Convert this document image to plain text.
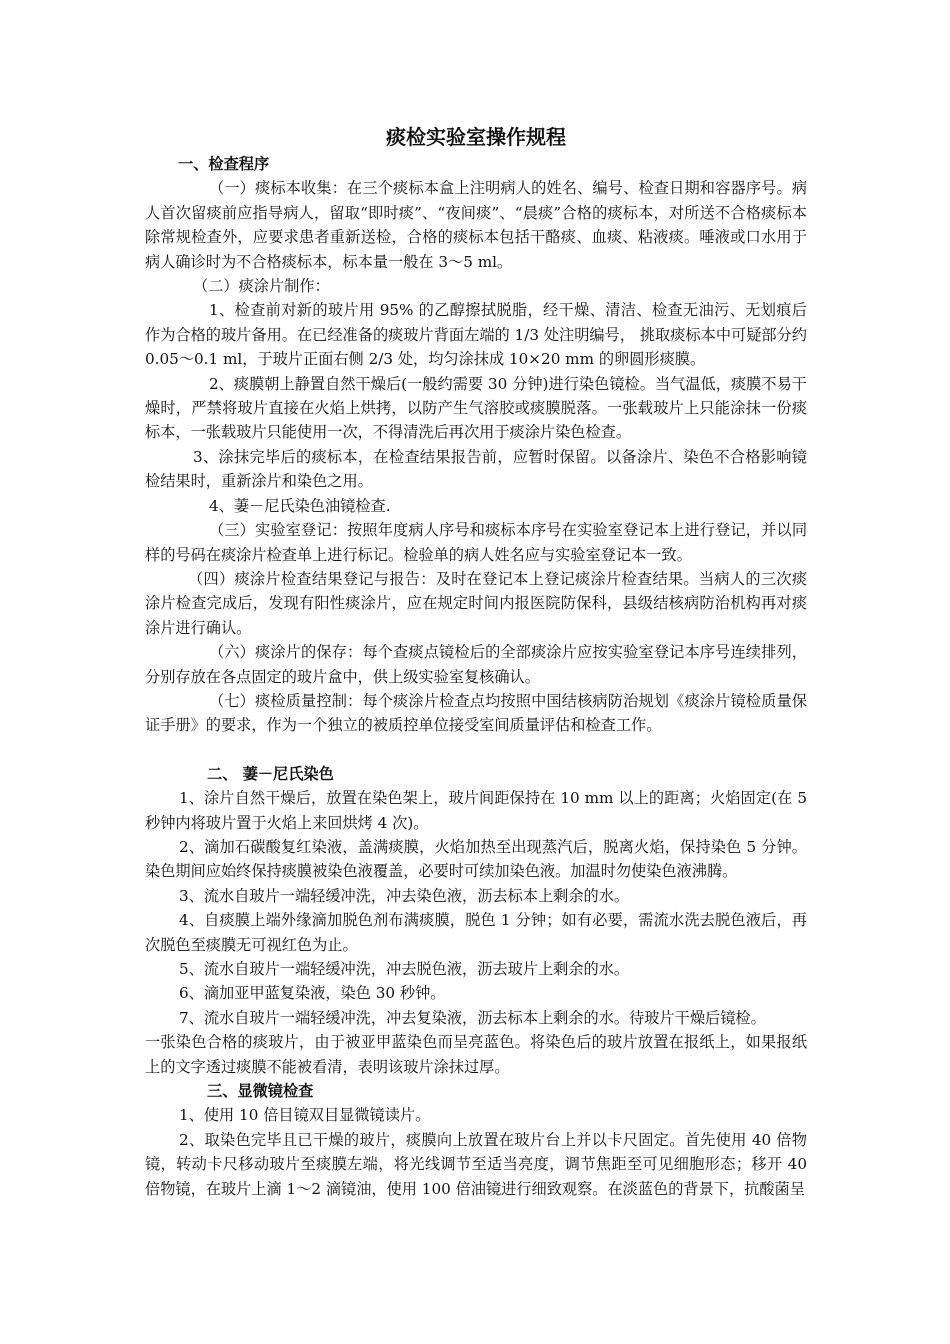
痰检实验室操作规程

一、检查程序

（一）痰标本收集：在三个痰标本盒上注明病人的姓名、编号、检查日期和容器序号。病人首次留痰前应指导病人，留取“即时痰”、“夜间痰”、“晨痰”合格的痰标本，对所送不合格痰标本除常规检查外，应要求患者重新送检，合格的痰标本包括干酪痰、血痰、粘液痰。唾液或口水用于病人确诊时为不合格痰标本，标本量一般在 3～5 ml。

（二）痰涂片制作：

1、检查前对新的玻片用 95% 的乙醇擦拭脱脂，经干燥、清洁、检查无油污、无划痕后作为合格的玻片备用。在已经准备的痰玻片背面左端的 1/3 处注明编号， 挑取痰标本中可疑部分约 0.05～0.1 ml，于玻片正面右侧 2/3 处，均匀涂抹成 10×20 mm 的卵圆形痰膜。

2、痰膜朝上静置自然干燥后(一般约需要 30 分钟)进行染色镜检。当气温低，痰膜不易干燥时，严禁将玻片直接在火焰上烘拷，以防产生气溶胶或痰膜脱落。一张载玻片上只能涂抹一份痰标本，一张载玻片只能使用一次，不得清洗后再次用于痰涂片染色检查。

3、涂抹完毕后的痰标本，在检查结果报告前，应暂时保留。以备涂片、染色不合格影响镜检结果时，重新涂片和染色之用。

4、萋－尼氏染色油镜检查.

（三）实验室登记：按照年度病人序号和痰标本序号在实验室登记本上进行登记，并以同样的号码在痰涂片检查单上进行标记。检验单的病人姓名应与实验室登记本一致。

（四）痰涂片检查结果登记与报告：及时在登记本上登记痰涂片检查结果。当病人的三次痰涂片检查完成后，发现有阳性痰涂片，应在规定时间内报医院防保科，县级结核病防治机构再对痰涂片进行确认。

（六）痰涂片的保存：每个查痰点镜检后的全部痰涂片应按实验室登记本序号连续排列，分别存放在各点固定的玻片盒中，供上级实验室复核确认。

（七）痰检质量控制：每个痰涂片检查点均按照中国结核病防治规划《痰涂片镜检质量保证手册》的要求，作为一个独立的被质控单位接受室间质量评估和检查工作。

二、 萋－尼氏染色

1、涂片自然干燥后，放置在染色架上，玻片间距保持在 10 mm 以上的距离；火焰固定(在 5 秒钟内将玻片置于火焰上来回烘烤 4 次)。

2、滴加石碳酸复红染液，盖满痰膜，火焰加热至出现蒸汽后，脱离火焰，保持染色 5 分钟。染色期间应始终保持痰膜被染色液覆盖，必要时可续加染色液。加温时勿使染色液沸腾。

3、流水自玻片一端轻缓冲洗，冲去染色液，沥去标本上剩余的水。

4、自痰膜上端外缘滴加脱色剂布满痰膜，脱色 1 分钟；如有必要，需流水洗去脱色液后，再次脱色至痰膜无可视红色为止。

5、流水自玻片一端轻缓冲洗，冲去脱色液，沥去玻片上剩余的水。

6、滴加亚甲蓝复染液，染色 30 秒钟。

7、流水自玻片一端轻缓冲洗，冲去复染液，沥去标本上剩余的水。待玻片干燥后镜检。

一张染色合格的痰玻片，由于被亚甲蓝染色而呈亮蓝色。将染色后的玻片放置在报纸上，如果报纸上的文字透过痰膜不能被看清，表明该玻片涂抹过厚。

三、显微镜检查

1、使用 10 倍目镜双目显微镜读片。

2、取染色完毕且已干燥的玻片，痰膜向上放置在玻片台上并以卡尺固定。首先使用 40 倍物镜，转动卡尺移动玻片至痰膜左端，将光线调节至适当亮度，调节焦距至可见细胞形态；移开 40 倍物镜，在玻片上滴 1～2 滴镜油，使用 100 倍油镜进行细致观察。在淡蓝色的背景下，抗酸菌呈
